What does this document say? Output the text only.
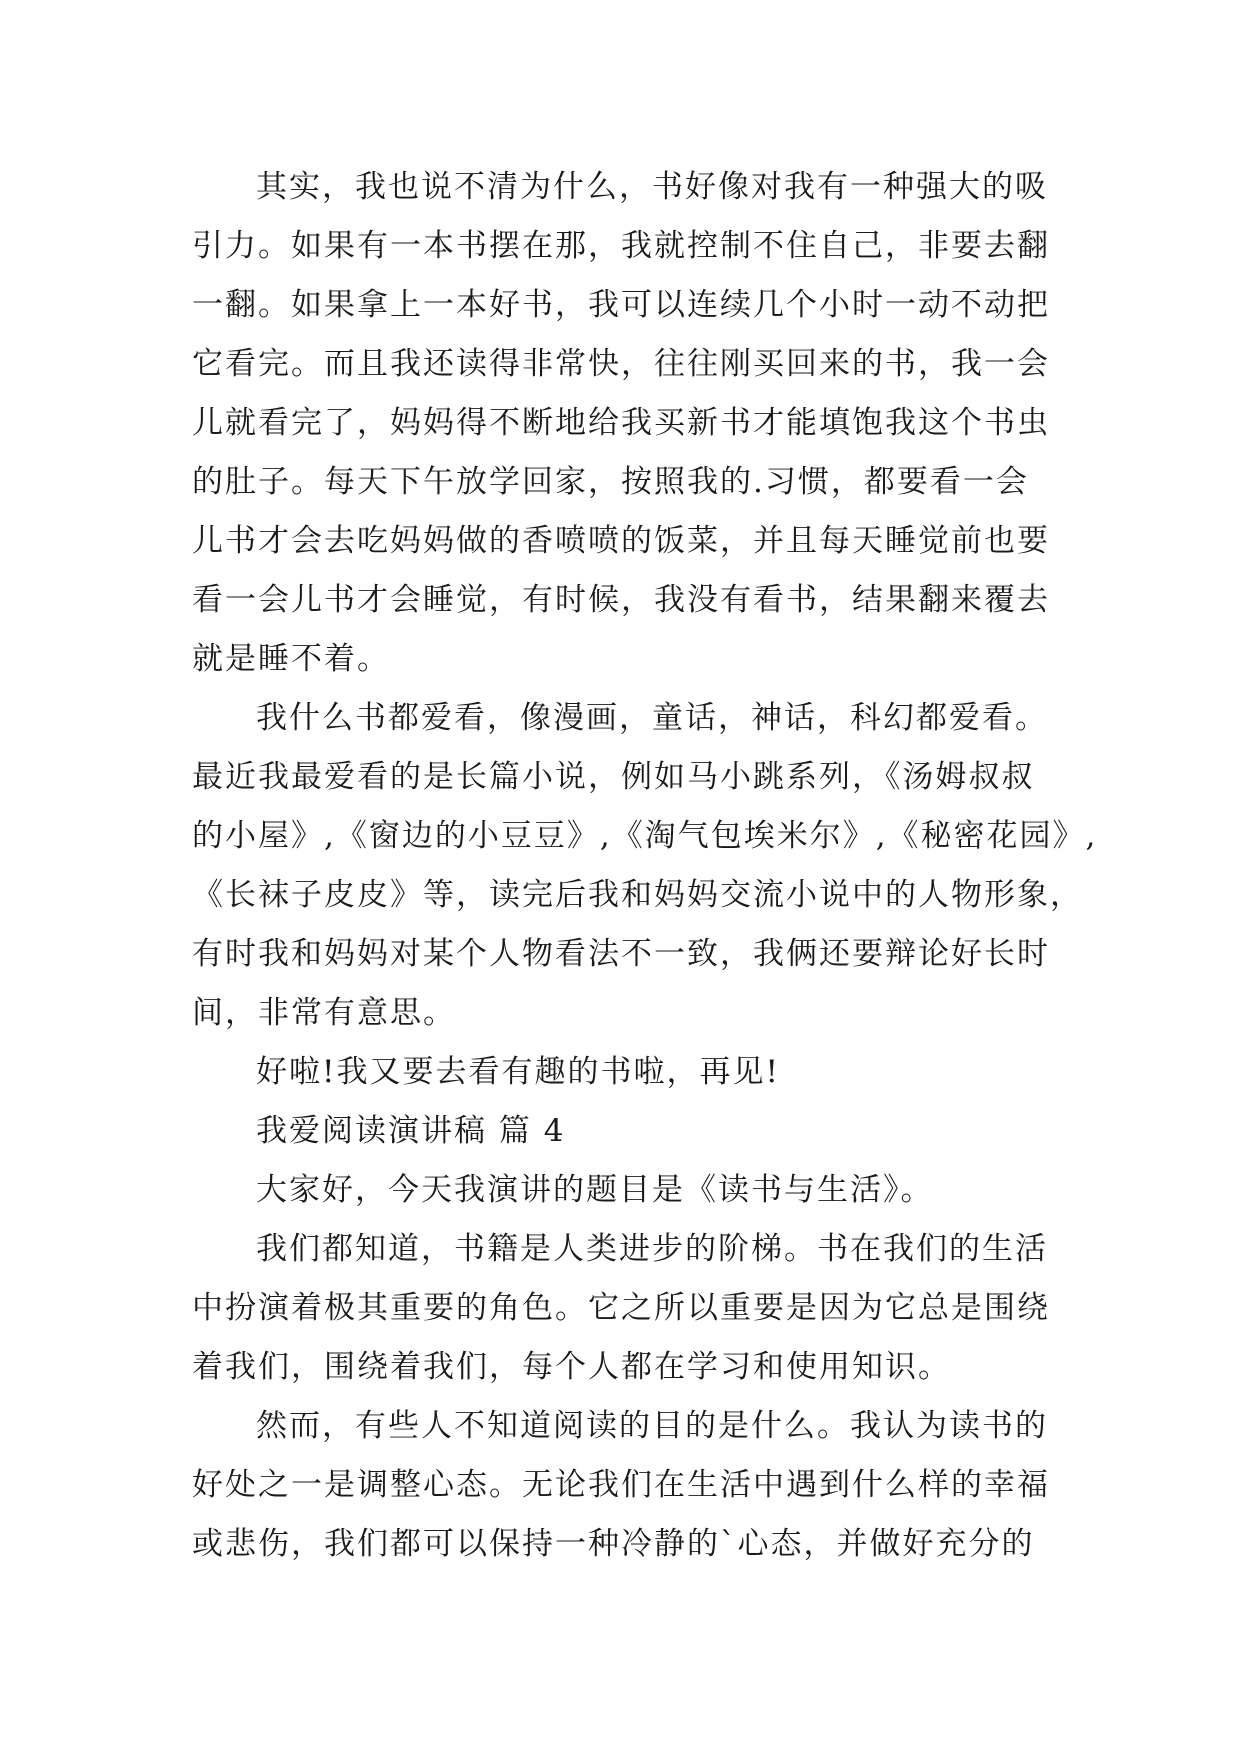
其实，我也说不清为什么，书好像对我有一种强大的吸
引力。如果有一本书摆在那，我就控制不住自己，非要去翻
一翻。如果拿上一本好书，我可以连续几个小时一动不动把
它看完。而且我还读得非常快，往往刚买回来的书，我一会
儿就看完了，妈妈得不断地给我买新书才能填饱我这个书虫
的肚子。每天下午放学回家，按照我的.习惯，都要看一会
儿书才会去吃妈妈做的香喷喷的饭菜，并且每天睡觉前也要
看一会儿书才会睡觉，有时候，我没有看书，结果翻来覆去
就是睡不着。
我什么书都爱看，像漫画，童话，神话，科幻都爱看。
最近我最爱看的是长篇小说，例如马小跳系列，《汤姆叔叔
的小屋》,《窗边的小豆豆》,《淘气包埃米尔》,《秘密花园》,
《长袜子皮皮》等，读完后我和妈妈交流小说中的人物形象，
有时我和妈妈对某个人物看法不一致，我俩还要辩论好长时
间，非常有意思。
好啦!我又要去看有趣的书啦，再见!
我爱阅读演讲稿 篇 4
大家好，今天我演讲的题目是《读书与生活》。
我们都知道，书籍是人类进步的阶梯。书在我们的生活
中扮演着极其重要的角色。它之所以重要是因为它总是围绕
着我们，围绕着我们，每个人都在学习和使用知识。
然而，有些人不知道阅读的目的是什么。我认为读书的
好处之一是调整心态。无论我们在生活中遇到什么样的幸福
或悲伤，我们都可以保持一种冷静的`心态，并做好充分的
